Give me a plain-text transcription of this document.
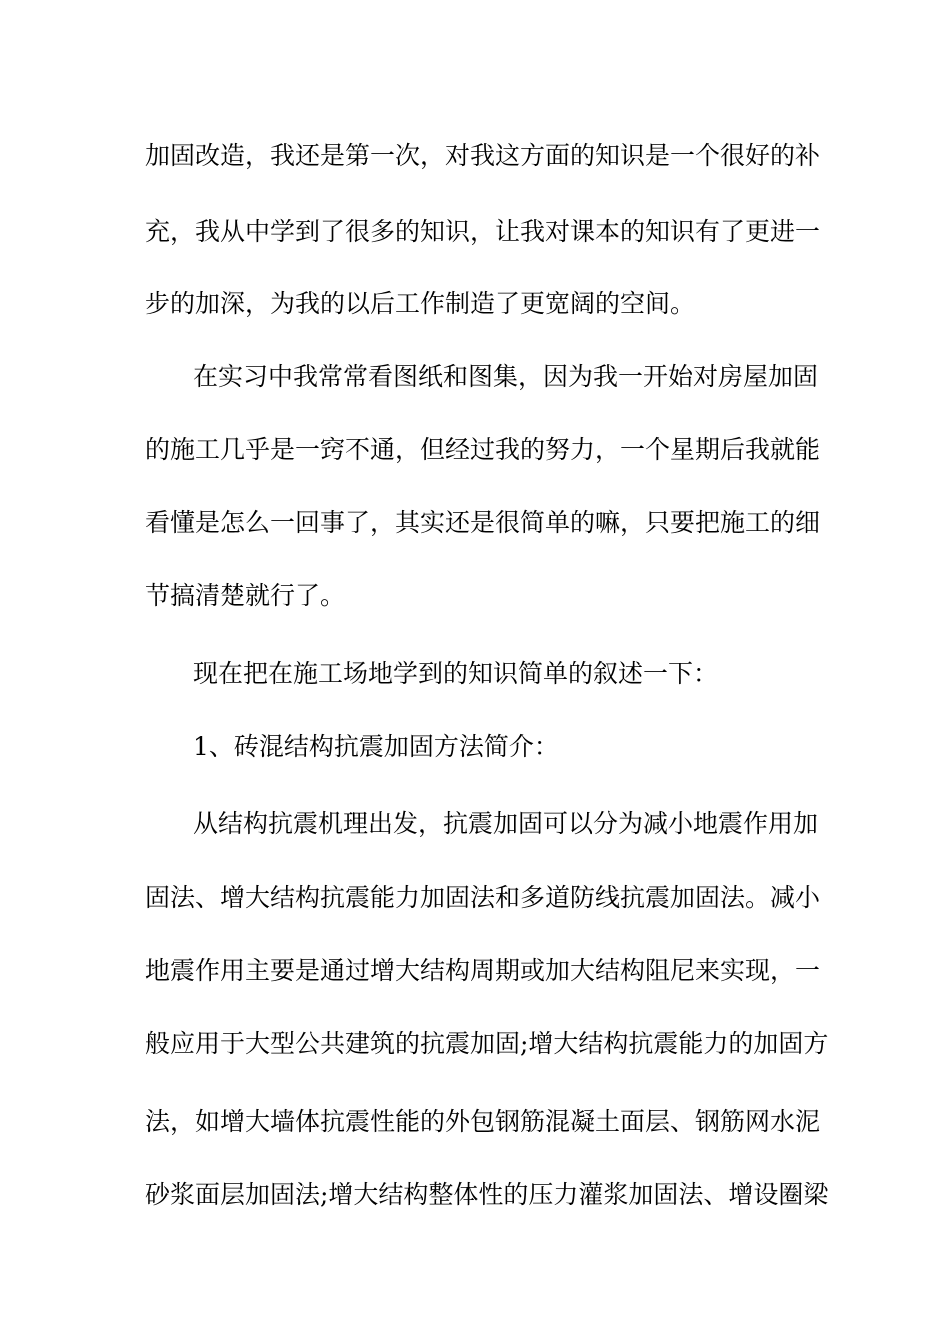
加固改造，我还是第一次，对我这方面的知识是一个很好的补
充，我从中学到了很多的知识，让我对课本的知识有了更进一
步的加深，为我的以后工作制造了更宽阔的空间。
在实习中我常常看图纸和图集，因为我一开始对房屋加固
的施工几乎是一窍不通，但经过我的努力，一个星期后我就能
看懂是怎么一回事了，其实还是很简单的嘛，只要把施工的细
节搞清楚就行了。
现在把在施工场地学到的知识简单的叙述一下：
1、砖混结构抗震加固方法简介：
从结构抗震机理出发，抗震加固可以分为减小地震作用加
固法、增大结构抗震能力加固法和多道防线抗震加固法。减小
地震作用主要是通过增大结构周期或加大结构阻尼来实现，一
般应用于大型公共建筑的抗震加固;增大结构抗震能力的加固方
法，如增大墙体抗震性能的外包钢筋混凝土面层、钢筋网水泥
砂浆面层加固法;增大结构整体性的压力灌浆加固法、增设圈梁
